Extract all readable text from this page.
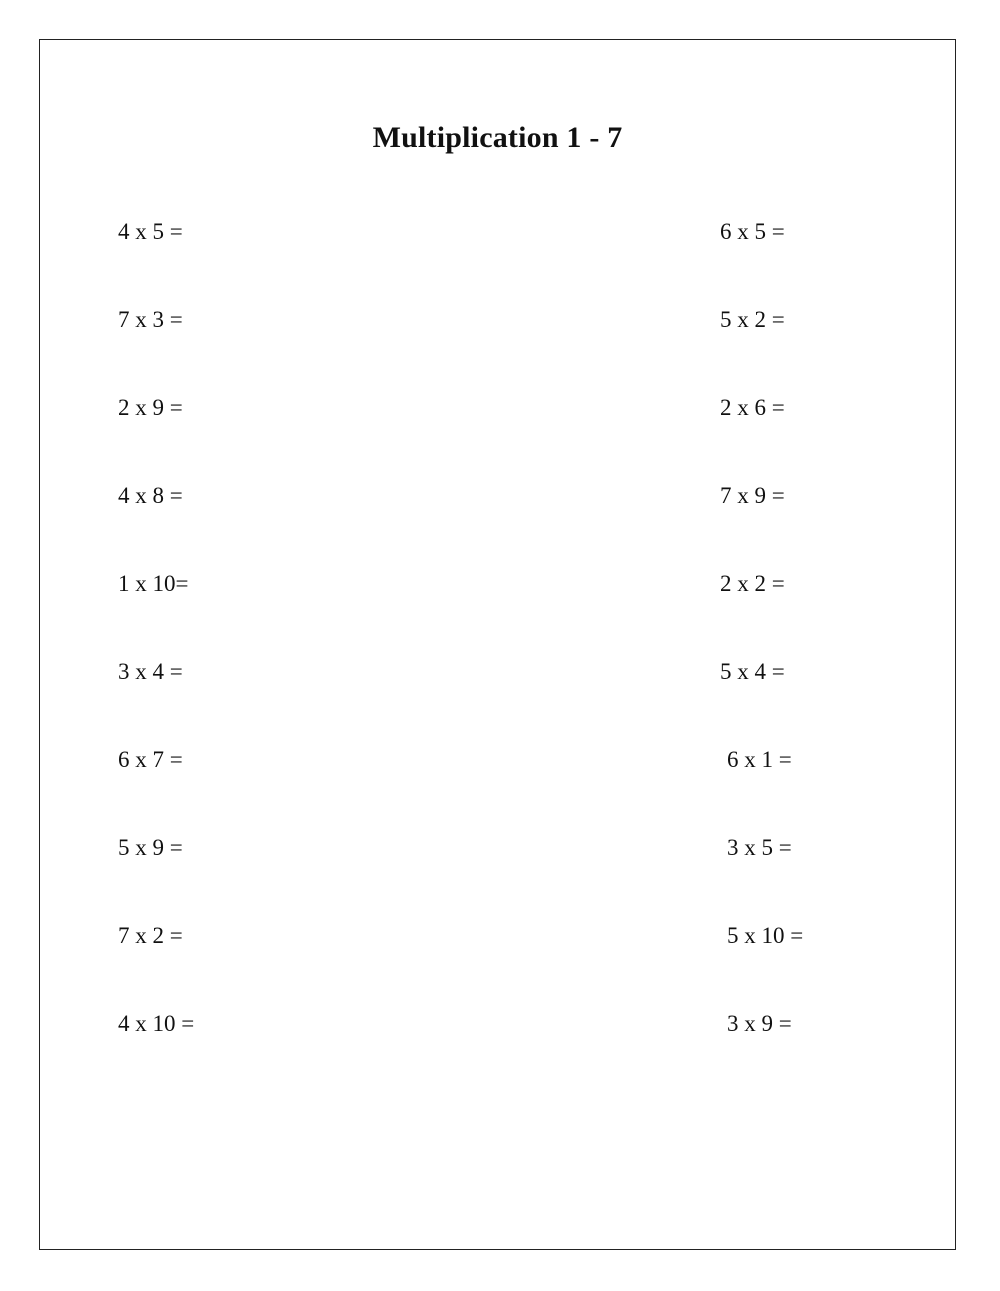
Multiplication 1 - 7
4 x 5 =
7 x 3 =
2 x 9 =
4 x 8 =
1 x 10=
3 x 4 =
6 x 7 =
5 x 9 =
7 x 2 =
4 x 10 =
6 x 5 =
5 x 2 =
2 x 6 =
7 x 9 =
2 x 2 =
5 x 4 =
6 x 1 =
3 x 5 =
5 x 10 =
3 x 9 =
